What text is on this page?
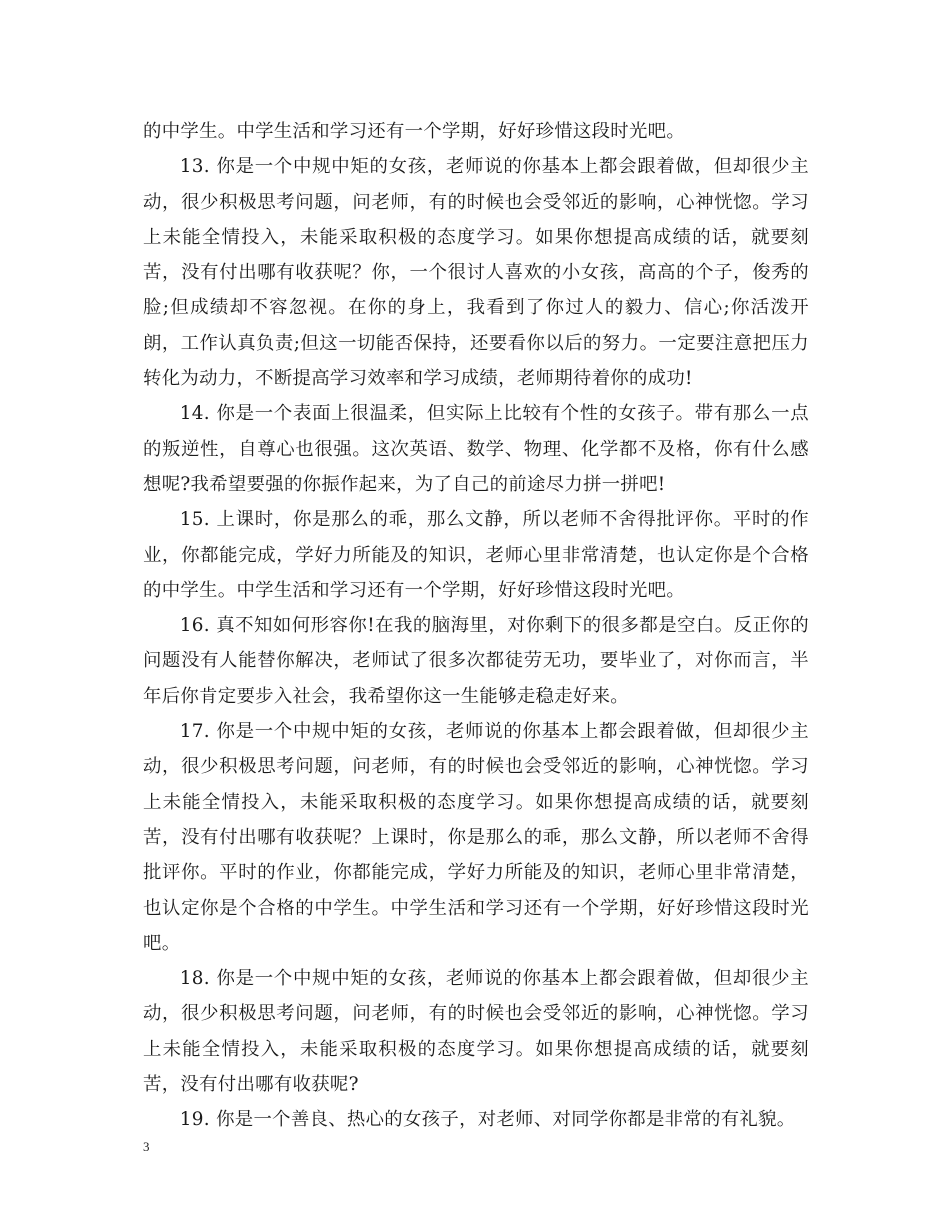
的中学生。中学生活和学习还有一个学期，好好珍惜这段时光吧。

13. 你是一个中规中矩的女孩，老师说的你基本上都会跟着做，但却很少主动，很少积极思考问题，问老师，有的时候也会受邻近的影响，心神恍惚。学习上未能全情投入，未能采取积极的态度学习。如果你想提高成绩的话，就要刻苦，没有付出哪有收获呢？你，一个很讨人喜欢的小女孩，高高的个子，俊秀的脸;但成绩却不容忽视。在你的身上，我看到了你过人的毅力、信心;你活泼开朗，工作认真负责;但这一切能否保持，还要看你以后的努力。一定要注意把压力转化为动力，不断提高学习效率和学习成绩，老师期待着你的成功!

14. 你是一个表面上很温柔，但实际上比较有个性的女孩子。带有那么一点的叛逆性，自尊心也很强。这次英语、数学、物理、化学都不及格，你有什么感想呢?我希望要强的你振作起来，为了自己的前途尽力拼一拼吧!

15. 上课时，你是那么的乖，那么文静，所以老师不舍得批评你。平时的作业，你都能完成，学好力所能及的知识，老师心里非常清楚，也认定你是个合格的中学生。中学生活和学习还有一个学期，好好珍惜这段时光吧。

16. 真不知如何形容你!在我的脑海里，对你剩下的很多都是空白。反正你的问题没有人能替你解决，老师试了很多次都徒劳无功，要毕业了，对你而言，半年后你肯定要步入社会，我希望你这一生能够走稳走好来。

17. 你是一个中规中矩的女孩，老师说的你基本上都会跟着做，但却很少主动，很少积极思考问题，问老师，有的时候也会受邻近的影响，心神恍惚。学习上未能全情投入，未能采取积极的态度学习。如果你想提高成绩的话，就要刻苦，没有付出哪有收获呢？上课时，你是那么的乖，那么文静，所以老师不舍得批评你。平时的作业，你都能完成，学好力所能及的知识，老师心里非常清楚，也认定你是个合格的中学生。中学生活和学习还有一个学期，好好珍惜这段时光吧。

18. 你是一个中规中矩的女孩，老师说的你基本上都会跟着做，但却很少主动，很少积极思考问题，问老师，有的时候也会受邻近的影响，心神恍惚。学习上未能全情投入，未能采取积极的态度学习。如果你想提高成绩的话，就要刻苦，没有付出哪有收获呢?

19. 你是一个善良、热心的女孩子，对老师、对同学你都是非常的有礼貌。

3
